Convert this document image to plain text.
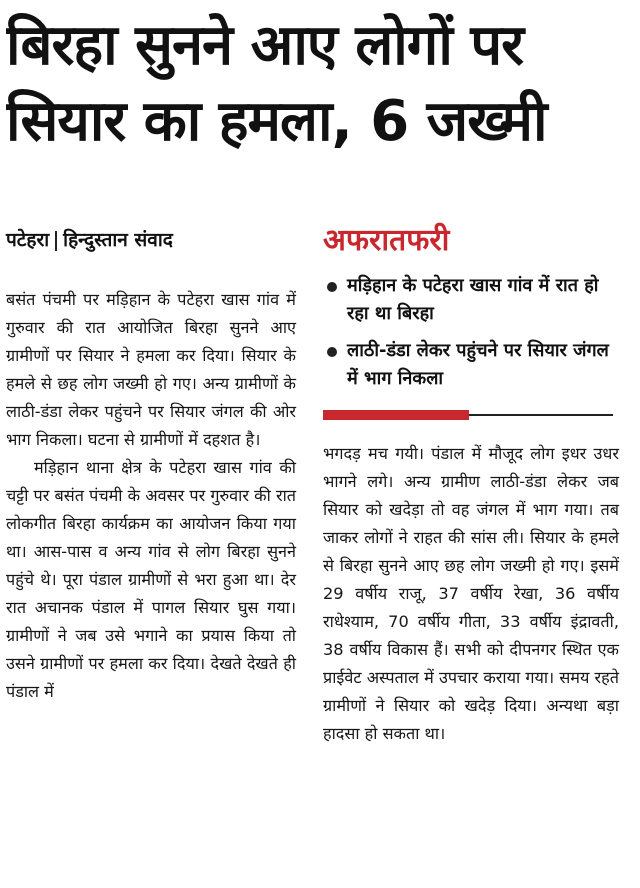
बिरहा सुनने आए लोगों पर
सियार का हमला, 6 जख्मी
पटेहरा हिन्दुस्तान संवाद

बसंत पंचमी पर मड़िहान के पटेहरा खास गांव में गुरुवार की रात आयोजित बिरहा सुनने आए ग्रामीणों पर सियार ने हमला कर दिया। सियार के हमले से छह लोग जख्मी हो गए। अन्य ग्रामीणों के लाठी-डंडा लेकर पहुंचने पर सियार जंगल की ओर भाग निकला। घटना से ग्रामीणों में दहशत है।

मड़िहान थाना क्षेत्र के पटेहरा खास गांव की चट्टी पर बसंत पंचमी के अवसर पर गुरुवार की रात लोकगीत बिरहा कार्यक्रम का आयोजन किया गया था। आस-पास व अन्य गांव से लोग बिरहा सुनने पहुंचे थे। पूरा पंडाल ग्रामीणों से भरा हुआ था। देर रात अचानक पंडाल में पागल सियार घुस गया। ग्रामीणों ने जब उसे भगाने का प्रयास किया तो उसने ग्रामीणों पर हमला कर दिया। देखते देखते ही पंडाल में

अफरातफरी
मड़िहान के पटेहरा खास गांव में रात हो रहा था बिरहा
लाठी-डंडा लेकर पहुंचने पर सियार जंगल में भाग निकला

भगदड़ मच गयी। पंडाल में मौजूद लोग इधर उधर भागने लगे। अन्य ग्रामीण लाठी-डंडा लेकर जब सियार को खदेड़ा तो वह जंगल में भाग गया। तब जाकर लोगों ने राहत की सांस ली। सियार के हमले से बिरहा सुनने आए छह लोग जख्मी हो गए। इसमें 29 वर्षीय राजू, 37 वर्षीय रेखा, 36 वर्षीय राधेश्याम, 70 वर्षीय गीता, 33 वर्षीय इंद्रावती, 38 वर्षीय विकास हैं। सभी को दीपनगर स्थित एक प्राईवेट अस्पताल में उपचार कराया गया। समय रहते ग्रामीणों ने सियार को खदेड़ दिया। अन्यथा बड़ा हादसा हो सकता था।
